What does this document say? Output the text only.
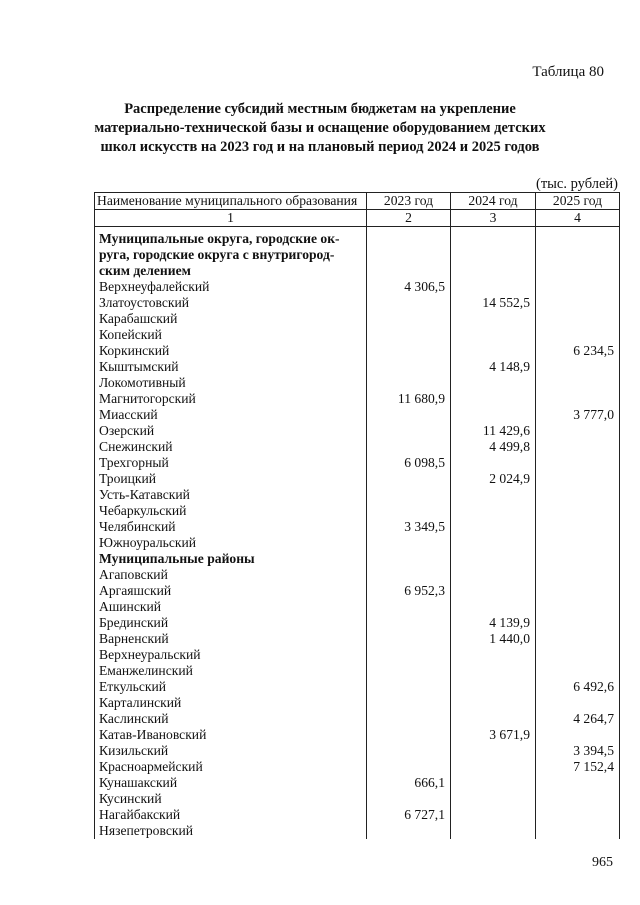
Таблица 80
Распределение субсидий местным бюджетам на укрепление материально-технической базы и оснащение оборудованием детских школ искусств на 2023 год и на плановый период 2024 и 2025 годов
(тыс. рублей)
Наименование муниципального образования	2023 год	2024 год	2025 год
1	2	3	4
Муниципальные округа, городские ок-			
руга, городские округа с внутригород-			
ским делением			
Верхнеуфалейский	4 306,5		
Златоустовский		14 552,5	
Карабашский			
Копейский			
Коркинский			6 234,5
Кыштымский		4 148,9	
Локомотивный			
Магнитогорский	11 680,9		
Миасский			3 777,0
Озерский		11 429,6	
Снежинский		4 499,8	
Трехгорный	6 098,5		
Троицкий		2 024,9	
Усть-Катавский			
Чебаркульский			
Челябинский	3 349,5		
Южноуральский			
Муниципальные районы			
Агаповский			
Аргаяшский	6 952,3		
Ашинский			
Брединский		4 139,9	
Варненский		1 440,0	
Верхнеуральский			
Еманжелинский			
Еткульский			6 492,6
Карталинский			
Каслинский			4 264,7
Катав-Ивановский		3 671,9	
Кизильский			3 394,5
Красноармейский			7 152,4
Кунашакский	666,1		
Кусинский			
Нагайбакский	6 727,1		
Нязепетровский			
965
